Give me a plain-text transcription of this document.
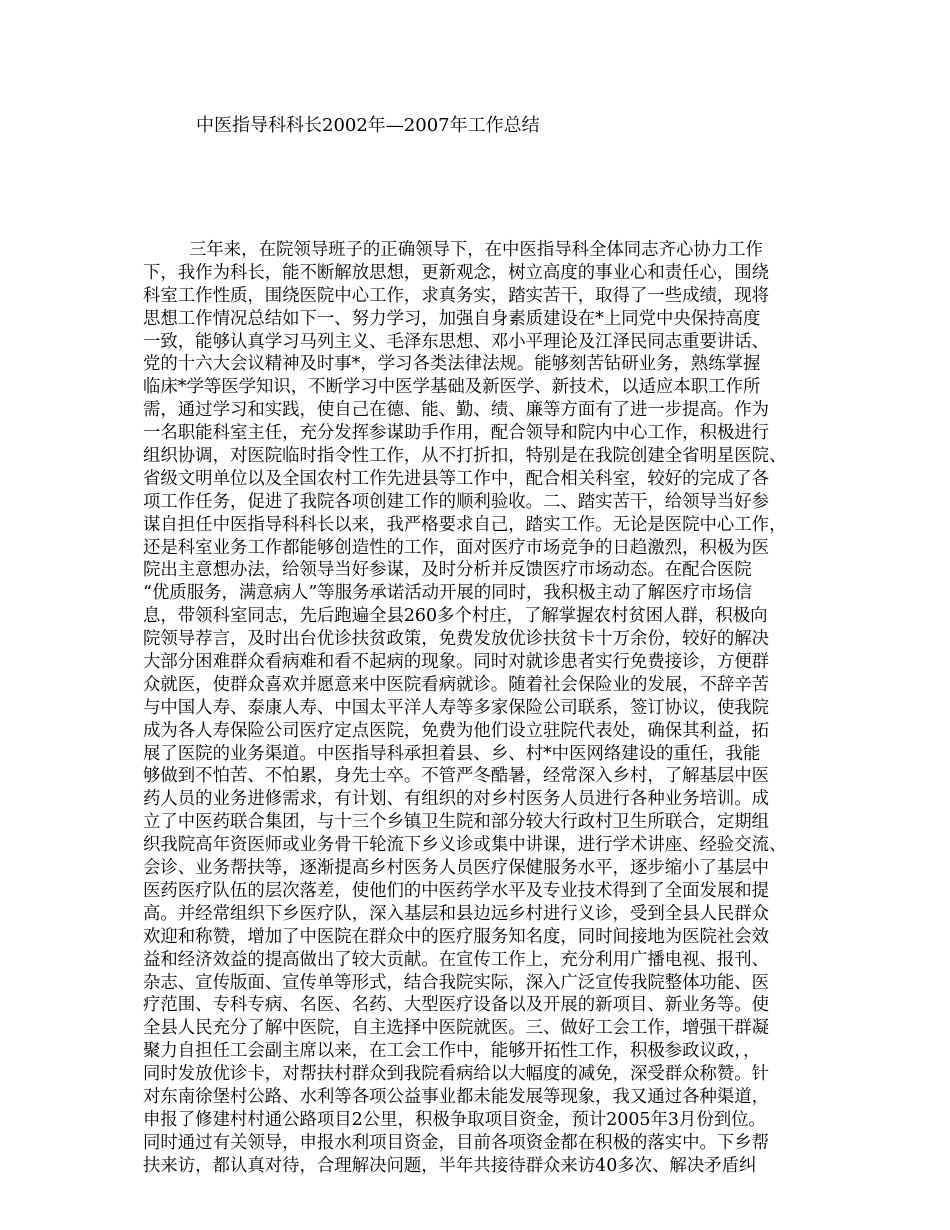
中医指导科科长2002年—2007年工作总结
三年来，在院领导班子的正确领导下，在中医指导科全体同志齐心协力工作
下，我作为科长，能不断解放思想，更新观念，树立高度的事业心和责任心，围绕
科室工作性质，围绕医院中心工作，求真务实，踏实苦干，取得了一些成绩，现将
思想工作情况总结如下一、努力学习，加强自身素质建设在*上同党中央保持高度
一致，能够认真学习马列主义、毛泽东思想、邓小平理论及江泽民同志重要讲话、
党的十六大会议精神及时事*，学习各类法律法规。能够刻苦钻研业务，熟练掌握
临床*学等医学知识，不断学习中医学基础及新医学、新技术，以适应本职工作所
需，通过学习和实践，使自己在德、能、勤、绩、廉等方面有了进一步提高。作为
一名职能科室主任，充分发挥参谋助手作用，配合领导和院内中心工作，积极进行
组织协调，对医院临时指令性工作，从不打折扣，特别是在我院创建全省明星医院、
省级文明单位以及全国农村工作先进县等工作中，配合相关科室，较好的完成了各
项工作任务，促进了我院各项创建工作的顺利验收。二、踏实苦干，给领导当好参
谋自担任中医指导科科长以来，我严格要求自己，踏实工作。无论是医院中心工作，
还是科室业务工作都能够创造性的工作，面对医疗市场竞争的日趋激烈，积极为医
院出主意想办法，给领导当好参谋，及时分析并反馈医疗市场动态。在配合医院
“优质服务，满意病人”等服务承诺活动开展的同时，我积极主动了解医疗市场信
息，带领科室同志，先后跑遍全县260多个村庄，了解掌握农村贫困人群，积极向
院领导荐言，及时出台优诊扶贫政策，免费发放优诊扶贫卡十万余份，较好的解决
大部分困难群众看病难和看不起病的现象。同时对就诊患者实行免费接诊，方便群
众就医，使群众喜欢并愿意来中医院看病就诊。随着社会保险业的发展，不辞辛苦
与中国人寿、泰康人寿、中国太平洋人寿等多家保险公司联系，签订协议，使我院
成为各人寿保险公司医疗定点医院，免费为他们设立驻院代表处，确保其利益，拓
展了医院的业务渠道。中医指导科承担着县、乡、村*中医网络建设的重任，我能
够做到不怕苦、不怕累，身先士卒。不管严冬酷暑，经常深入乡村，了解基层中医
药人员的业务进修需求，有计划、有组织的对乡村医务人员进行各种业务培训。成
立了中医药联合集团，与十三个乡镇卫生院和部分较大行政村卫生所联合，定期组
织我院高年资医师或业务骨干轮流下乡义诊或集中讲课，进行学术讲座、经验交流、
会诊、业务帮扶等，逐渐提高乡村医务人员医疗保健服务水平，逐步缩小了基层中
医药医疗队伍的层次落差，使他们的中医药学水平及专业技术得到了全面发展和提
高。并经常组织下乡医疗队，深入基层和县边远乡村进行义诊，受到全县人民群众
欢迎和称赞，增加了中医院在群众中的医疗服务知名度，同时间接地为医院社会效
益和经济效益的提高做出了较大贡献。在宣传工作上，充分利用广播电视、报刊、
杂志、宣传版面、宣传单等形式，结合我院实际，深入广泛宣传我院整体功能、医
疗范围、专科专病、名医、名药、大型医疗设备以及开展的新项目、新业务等。使
全县人民充分了解中医院，自主选择中医院就医。三、做好工会工作，增强干群凝
聚力自担任工会副主席以来，在工会工作中，能够开拓性工作，积极参政议政，，
同时发放优诊卡，对帮扶村群众到我院看病给以大幅度的减免，深受群众称赞。针
对东南徐堡村公路、水利等各项公益事业都未能发展等现象，我又通过各种渠道，
申报了修建村村通公路项目2公里，积极争取项目资金，预计2005年3月份到位。
同时通过有关领导，申报水利项目资金，目前各项资金都在积极的落实中。下乡帮
扶来访，都认真对待，合理解决问题，半年共接待群众来访40多次、解决矛盾纠
